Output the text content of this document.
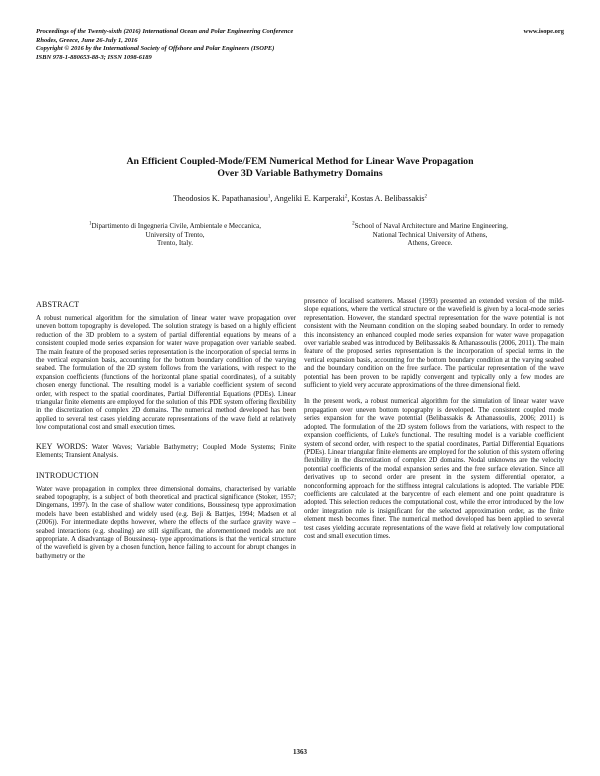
Proceedings of the Twenty-sixth (2016) International Ocean and Polar Engineering Conference
Rhodes, Greece, June 26-July 1, 2016
Copyright © 2016 by the International Society of Offshore and Polar Engineers (ISOPE)
ISBN 978-1-880653-88-3; ISSN 1098-6189
www.isope.org
An Efficient Coupled-Mode/FEM Numerical Method for Linear Wave Propagation
Over 3D Variable Bathymetry Domains
Theodosios K. Papathanasiou$^1$, Angeliki E. Karperaki$^2$, Kostas A. Belibassakis$^2$
$^1$Dipartimento di Ingegneria Civile, Ambientale e Meccanica,
University of Trento,
Trento, Italy.
$^2$School of Naval Architecture and Marine Engineering,
National Technical University of Athens,
Athens, Greece.
ABSTRACT
A robust numerical algorithm for the simulation of linear water wave propagation over uneven bottom topography is developed. The solution strategy is based on a highly efficient reduction of the 3D problem to a system of partial differential equations by means of a consistent coupled mode series expansion for water wave propagation over variable seabed. The main feature of the proposed series representation is the incorporation of special terms in the vertical expansion basis, accounting for the bottom boundary condition of the varying seabed. The formulation of the 2D system follows from the variations, with respect to the expansion coefficients (functions of the horizontal plane spatial coordinates), of a suitably chosen energy functional. The resulting model is a variable coefficient system of second order, with respect to the spatial coordinates, Partial Differential Equations (PDEs). Linear triangular finite elements are employed for the solution of this PDE system offering flexibility in the discretization of complex 2D domains. The numerical method developed has been applied to several test cases yielding accurate representations of the wave field at relatively low computational cost and small execution times.
KEY WORDS: Water Waves; Variable Bathymetry; Coupled Mode Systems; Finite Elements; Transient Analysis.
INTRODUCTION
Water wave propagation in complex three dimensional domains, characterised by variable seabed topography, is a subject of both theoretical and practical significance (Stoker, 1957; Dingemans, 1997). In the case of shallow water conditions, Boussinesq type approximation models have been established and widely used (e.g. Beji & Battjes, 1994; Madsen et al (2006)). For intermediate depths however, where the effects of the surface gravity wave – seabed interactions (e.g. shoaling) are still significant, the aforementioned models are not appropriate. A disadvantage of Boussinesq- type approximations is that the vertical structure of the wavefield is given by a chosen function, hence failing to account for abrupt changes in bathymetry or the
presence of localised scatterers. Massel (1993) presented an extended version of the mild-slope equations, where the vertical structure or the wavefield is given by a local-mode series representation. However, the standard spectral representation for the wave potential is not consistent with the Neumann condition on the sloping seabed boundary. In order to remedy this inconsistency an enhanced coupled mode series expansion for water wave propagation over variable seabed was introduced by Belibassakis & Athanassoulis (2006, 2011). The main feature of the proposed series representation is the incorporation of special terms in the vertical expansion basis, accounting for the bottom boundary condition at the varying seabed and the boundary condition on the free surface. The particular representation of the wave potential has been proven to be rapidly convergent and typically only a few modes are sufficient to yield very accurate approximations of the three dimensional field.
In the present work, a robust numerical algorithm for the simulation of linear water wave propagation over uneven bottom topography is developed. The consistent coupled mode series expansion for the wave potential (Belibassakis & Athanassoulis, 2006; 2011) is adopted. The formulation of the 2D system follows from the variations, with respect to the expansion coefficients, of Luke's functional. The resulting model is a variable coefficient system of second order, with respect to the spatial coordinates, Partial Differential Equations (PDEs). Linear triangular finite elements are employed for the solution of this system offering flexibility in the discretization of complex 2D domains. Nodal unknowns are the velocity potential coefficients of the modal expansion series and the free surface elevation. Since all derivatives up to second order are present in the system differential operator, a nonconforming approach for the stiffness integral calculations is adopted. The variable PDE coefficients are calculated at the barycentre of each element and one point quadrature is adopted. This selection reduces the computational cost, while the error introduced by the low order integration rule is insignificant for the selected approximation order, as the finite element mesh becomes finer. The numerical method developed has been applied to several test cases yielding accurate representations of the wave field at relatively low computational cost and small execution times.
1363
